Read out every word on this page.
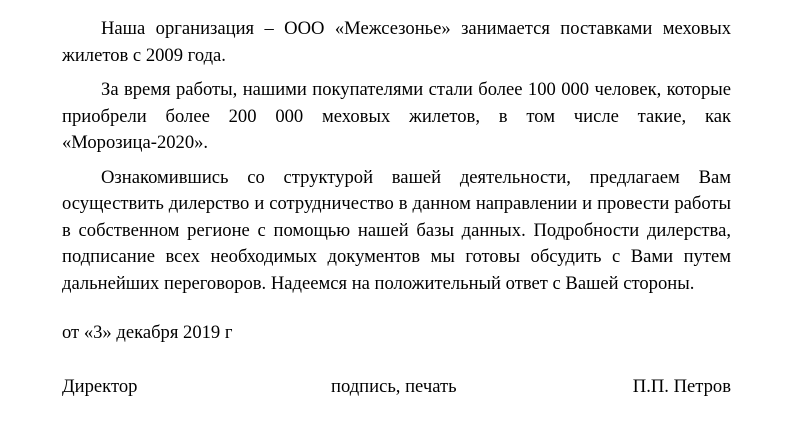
Наша организация – ООО «Межсезонье» занимается поставками меховых жилетов с 2009 года.

За время работы, нашими покупателями стали более 100 000 человек, которые приобрели более 200 000 меховых жилетов, в том числе такие, как «Морозица-2020».

Ознакомившись со структурой вашей деятельности, предлагаем Вам осуществить дилерство и сотрудничество в данном направлении и провести работы в собственном регионе с помощью нашей базы данных. Подробности дилерства, подписание всех необходимых документов мы готовы обсудить с Вами путем дальнейших переговоров. Надеемся на положительный ответ с Вашей стороны.

от «3» декабря 2019 г
Директор	подпись, печать	П.П. Петров
